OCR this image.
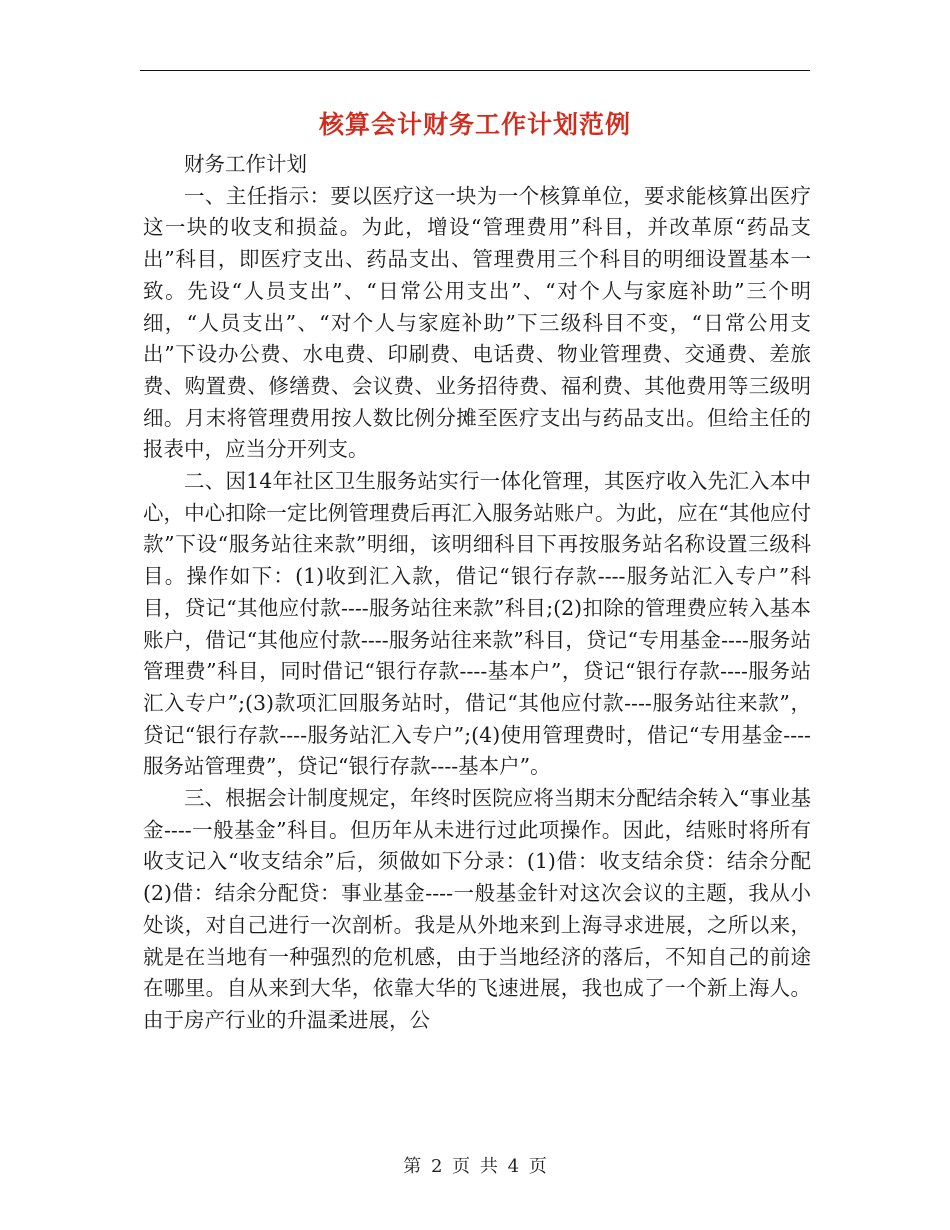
核算会计财务工作计划范例

财务工作计划

一、主任指示：要以医疗这一块为一个核算单位，要求能核算出医疗这一块的收支和损益。为此，增设“管理费用”科目，并改革原“药品支出”科目，即医疗支出、药品支出、管理费用三个科目的明细设置基本一致。先设“人员支出”、“日常公用支出”、“对个人与家庭补助”三个明细，“人员支出”、“对个人与家庭补助”下三级科目不变，“日常公用支出”下设办公费、水电费、印刷费、电话费、物业管理费、交通费、差旅费、购置费、修缮费、会议费、业务招待费、福利费、其他费用等三级明细。月末将管理费用按人数比例分摊至医疗支出与药品支出。但给主任的报表中，应当分开列支。

二、因14年社区卫生服务站实行一体化管理，其医疗收入先汇入本中心，中心扣除一定比例管理费后再汇入服务站账户。为此，应在“其他应付款”下设“服务站往来款”明细，该明细科目下再按服务站名称设置三级科目。操作如下：(1)收到汇入款，借记“银行存款----服务站汇入专户”科目，贷记“其他应付款----服务站往来款”科目;(2)扣除的管理费应转入基本账户，借记“其他应付款----服务站往来款”科目，贷记“专用基金----服务站管理费”科目，同时借记“银行存款----基本户”，贷记“银行存款----服务站汇入专户”;(3)款项汇回服务站时，借记“其他应付款----服务站往来款”，贷记“银行存款----服务站汇入专户”;(4)使用管理费时，借记“专用基金----服务站管理费”，贷记“银行存款----基本户”。

三、根据会计制度规定，年终时医院应将当期末分配结余转入“事业基金----一般基金”科目。但历年从未进行过此项操作。因此，结账时将所有收支记入“收支结余”后，须做如下分录：(1)借：收支结余贷：结余分配(2)借：结余分配贷：事业基金----一般基金针对这次会议的主题，我从小处谈，对自己进行一次剖析。我是从外地来到上海寻求进展，之所以来，就是在当地有一种强烈的危机感，由于当地经济的落后，不知自己的前途在哪里。自从来到大华，依靠大华的飞速进展，我也成了一个新上海人。由于房产行业的升温柔进展，公

第 2 页 共 4 页
